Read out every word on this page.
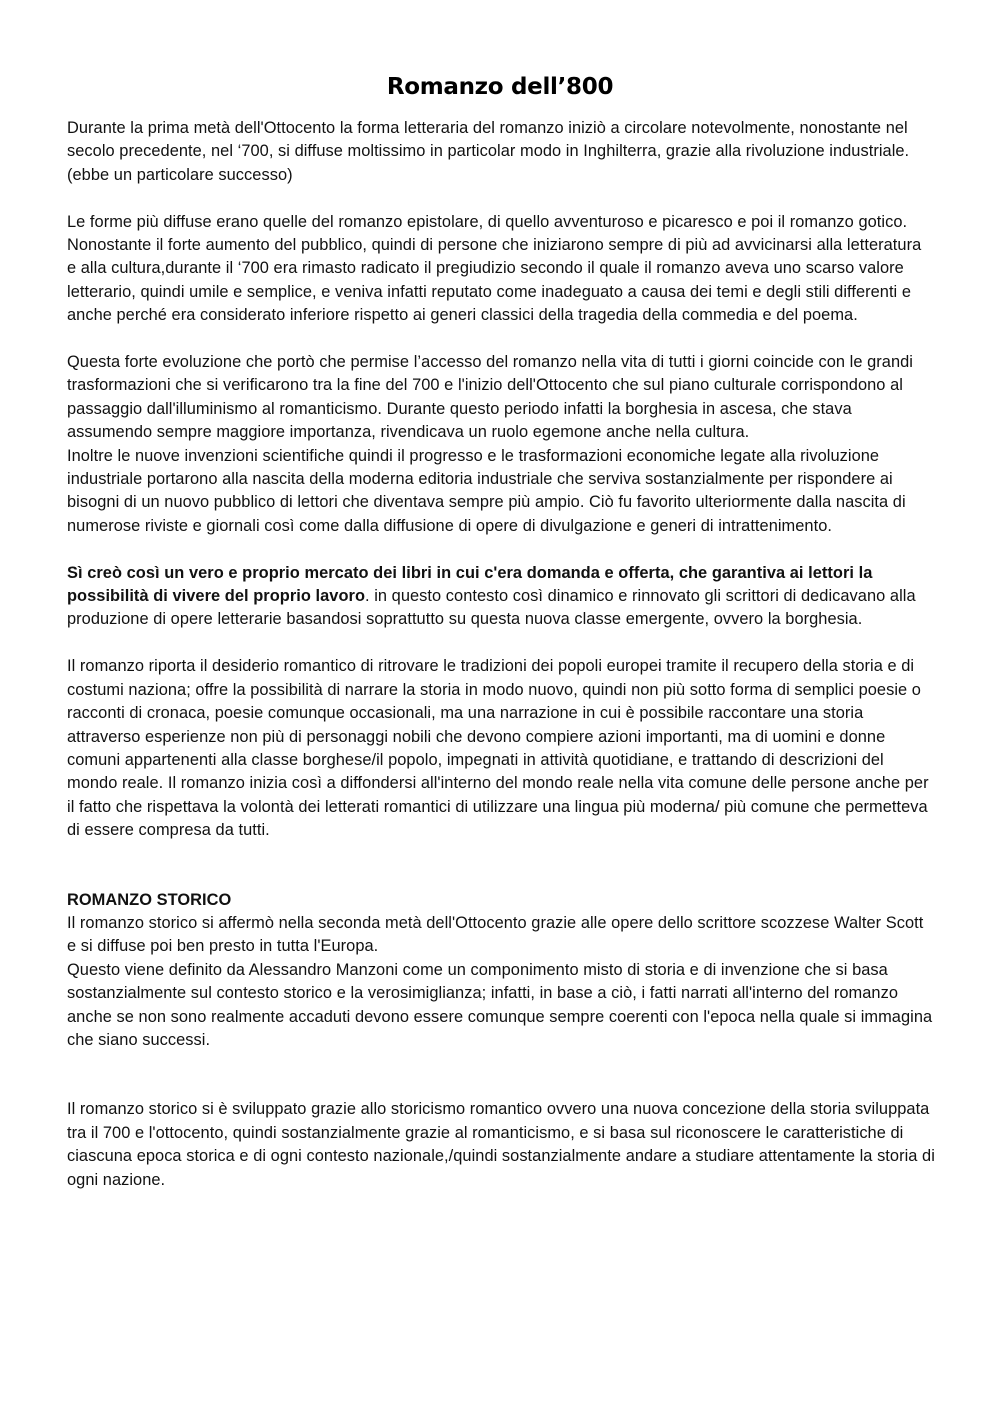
Romanzo dell’800

Durante la prima metà dell'Ottocento la forma letteraria del romanzo iniziò a circolare notevolmente, nonostante nel secolo precedente, nel ‘700, si diffuse moltissimo in particolar modo in Inghilterra, grazie alla rivoluzione industriale. (ebbe un particolare successo)

Le forme più diffuse erano quelle del romanzo epistolare, di quello avventuroso e picaresco e poi il romanzo gotico.

Nonostante il forte aumento del pubblico, quindi di persone che iniziarono sempre di più ad avvicinarsi alla letteratura e alla cultura,durante il ‘700 era rimasto radicato il pregiudizio secondo il quale il romanzo aveva uno scarso valore letterario, quindi umile e semplice, e veniva infatti reputato come inadeguato a causa dei temi e degli stili differenti e anche perché era considerato inferiore rispetto ai generi classici della tragedia della commedia e del poema.

Questa forte evoluzione che portò che permise l’accesso del romanzo nella vita di tutti i giorni coincide con le grandi trasformazioni che si verificarono tra la fine del 700 e l'inizio dell'Ottocento che sul piano culturale corrispondono al passaggio dall'illuminismo al romanticismo. Durante questo periodo infatti la borghesia in ascesa, che stava assumendo sempre maggiore importanza, rivendicava un ruolo egemone anche nella cultura.

Inoltre le nuove invenzioni scientifiche quindi il progresso e le trasformazioni economiche legate alla rivoluzione industriale portarono alla nascita della moderna editoria industriale che serviva sostanzialmente per rispondere ai bisogni di un nuovo pubblico di lettori che diventava sempre più ampio. Ciò fu favorito ulteriormente dalla nascita di numerose riviste e giornali così come dalla diffusione di opere di divulgazione e generi di intrattenimento.

Sì creò così un vero e proprio mercato dei libri in cui c'era domanda e offerta, che garantiva ai lettori la possibilità di vivere del proprio lavoro. in questo contesto così dinamico e rinnovato gli scrittori di dedicavano alla produzione di opere letterarie basandosi soprattutto su questa nuova classe emergente, ovvero la borghesia.

Il romanzo riporta il desiderio romantico di ritrovare le tradizioni dei popoli europei tramite il recupero della storia e di costumi naziona; offre la possibilità di narrare la storia in modo nuovo, quindi non più sotto forma di semplici poesie o racconti di cronaca, poesie comunque occasionali, ma una narrazione in cui è possibile raccontare una storia attraverso esperienze non più di personaggi nobili che devono compiere azioni importanti, ma di uomini e donne comuni appartenenti alla classe borghese/il popolo, impegnati in attività quotidiane, e trattando di descrizioni del mondo reale. Il romanzo inizia così a diffondersi all'interno del mondo reale nella vita comune delle persone anche per il fatto che rispettava la volontà dei letterati romantici di utilizzare una lingua più moderna/ più comune che permetteva di essere compresa da tutti.

ROMANZO STORICO

Il romanzo storico si affermò nella seconda metà dell'Ottocento grazie alle opere dello scrittore scozzese Walter Scott e si diffuse poi ben presto in tutta l'Europa.

Questo viene definito da Alessandro Manzoni come un componimento misto di storia e di invenzione che si basa sostanzialmente sul contesto storico e la verosimiglianza; infatti, in base a ciò, i fatti narrati all'interno del romanzo anche se non sono realmente accaduti devono essere comunque sempre coerenti con l'epoca nella quale si immagina che siano successi.

Il romanzo storico si è sviluppato grazie allo storicismo romantico ovvero una nuova concezione della storia sviluppata tra il 700 e l'ottocento, quindi sostanzialmente grazie al romanticismo, e si basa sul riconoscere le caratteristiche di ciascuna epoca storica e di ogni contesto nazionale,/quindi sostanzialmente andare a studiare attentamente la storia di ogni nazione.
